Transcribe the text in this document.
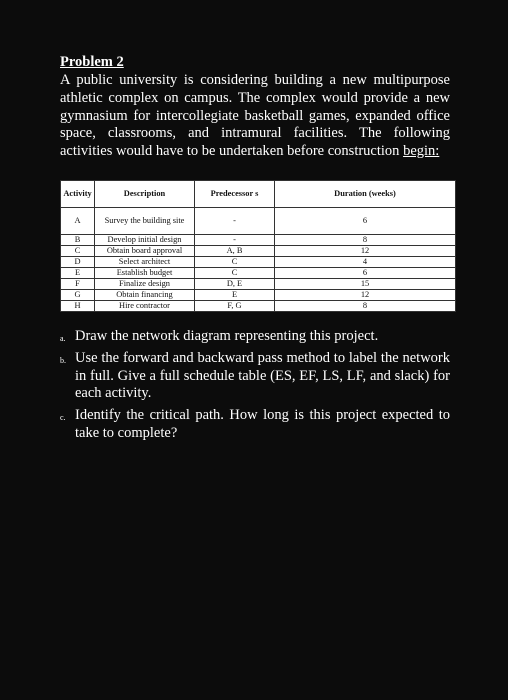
Problem 2

A public university is considering building a new multipurpose athletic complex on campus. The complex would provide a new gymnasium for intercollegiate basketball games, expanded office space, classrooms, and intramural facilities. The following activities would have to be undertaken before construction begin:

Activity	Description	Predecessor s	Duration (weeks)
A	Survey the building site	-	6
B	Develop initial design	-	8
C	Obtain board approval	A, B	12
D	Select architect	C	4
E	Establish budget	C	6
F	Finalize design	D, E	15
G	Obtain financing	E	12
H	Hire contractor	F, G	8
a. Draw the network diagram representing this project.
b. Use the forward and backward pass method to label the network in full. Give a full schedule table (ES, EF, LS, LF, and slack) for each activity.
c. Identify the critical path. How long is this project expected to take to complete?
